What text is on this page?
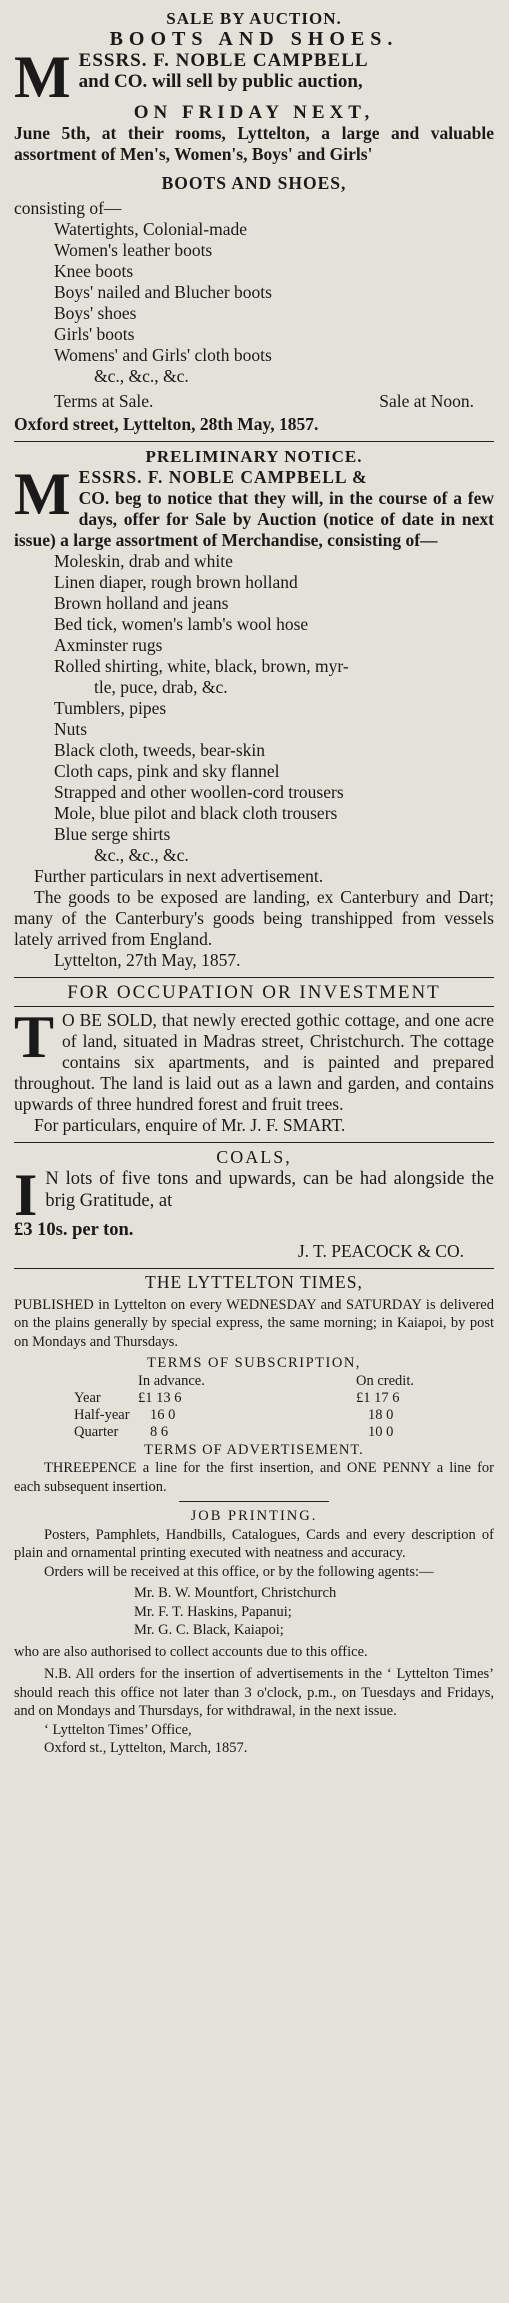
SALE BY AUCTION.
BOOTS AND SHOES.
M ESSRS. F. NOBLE CAMPBELL
and CO. will sell by public auction,
ON FRIDAY NEXT,
June 5th, at their rooms, Lyttelton, a large and valuable assortment of Men's, Women's, Boys' and Girls'
BOOTS AND SHOES,
consisting of—
Watertights, Colonial-made
Women's leather boots
Knee boots
Boys' nailed and Blucher boots
Boys' shoes
Girls' boots
Womens' and Girls' cloth boots
&c., &c., &c.
Terms at Sale.	Sale at Noon.
Oxford street, Lyttelton, 28th May, 1857.
PRELIMINARY NOTICE.
M ESSRS. F. NOBLE CAMPBELL &
CO. beg to notice that they will, in the course of a few days, offer for Sale by Auction (notice of date in next issue) a large assortment of Merchandise, consisting of—
Moleskin, drab and white
Linen diaper, rough brown holland
Brown holland and jeans
Bed tick, women's lamb's wool hose
Axminster rugs
Rolled shirting, white, black, brown, myr-
tle, puce, drab, &c.
Tumblers, pipes
Nuts
Black cloth, tweeds, bear-skin
Cloth caps, pink and sky flannel
Strapped and other woollen-cord trousers
Mole, blue pilot and black cloth trousers
Blue serge shirts
&c., &c., &c.
Further particulars in next advertisement.
The goods to be exposed are landing, ex Canterbury and Dart; many of the Canterbury's goods being transhipped from vessels lately arrived from England.
Lyttelton, 27th May, 1857.
FOR OCCUPATION OR INVESTMENT
T O BE SOLD, that newly erected gothic cottage, and one acre of land, situated in Madras street, Christchurch. The cottage contains six apartments, and is painted and prepared throughout. The land is laid out as a lawn and garden, and contains upwards of three hundred forest and fruit trees.
For particulars, enquire of Mr. J. F. SMART.
COALS,
I N lots of five tons and upwards, can be had alongside the brig Gratitude, at
£3 10s. per ton.
J. T. PEACOCK & CO.
THE LYTTELTON TIMES,
PUBLISHED in Lyttelton on every WEDNESDAY and SATURDAY is delivered on the plains generally by special express, the same morning; in Kaiapoi, by post on Mondays and Thursdays.
TERMS OF SUBSCRIPTION,
In advance.	On credit.
Year	£1 13 6	£1 17 6
Half-year	16 0	18 0
Quarter	8 6	10 0
TERMS OF ADVERTISEMENT.
THREEPENCE a line for the first insertion, and ONE PENNY a line for each subsequent insertion.
JOB PRINTING.
Posters, Pamphlets, Handbills, Catalogues, Cards and every description of plain and ornamental printing executed with neatness and accuracy.
Orders will be received at this office, or by the following agents:—
Mr. B. W. Mountfort, Christchurch
Mr. F. T. Haskins, Papanui;
Mr. G. C. Black, Kaiapoi;
who are also authorised to collect accounts due to this office.
N.B. All orders for the insertion of advertisements in the ‘ Lyttelton Times’ should reach this office not later than 3 o'clock, p.m., on Tuesdays and Fridays, and on Mondays and Thursdays, for withdrawal, in the next issue.
‘ Lyttelton Times’ Office,
Oxford st., Lyttelton, March, 1857.
